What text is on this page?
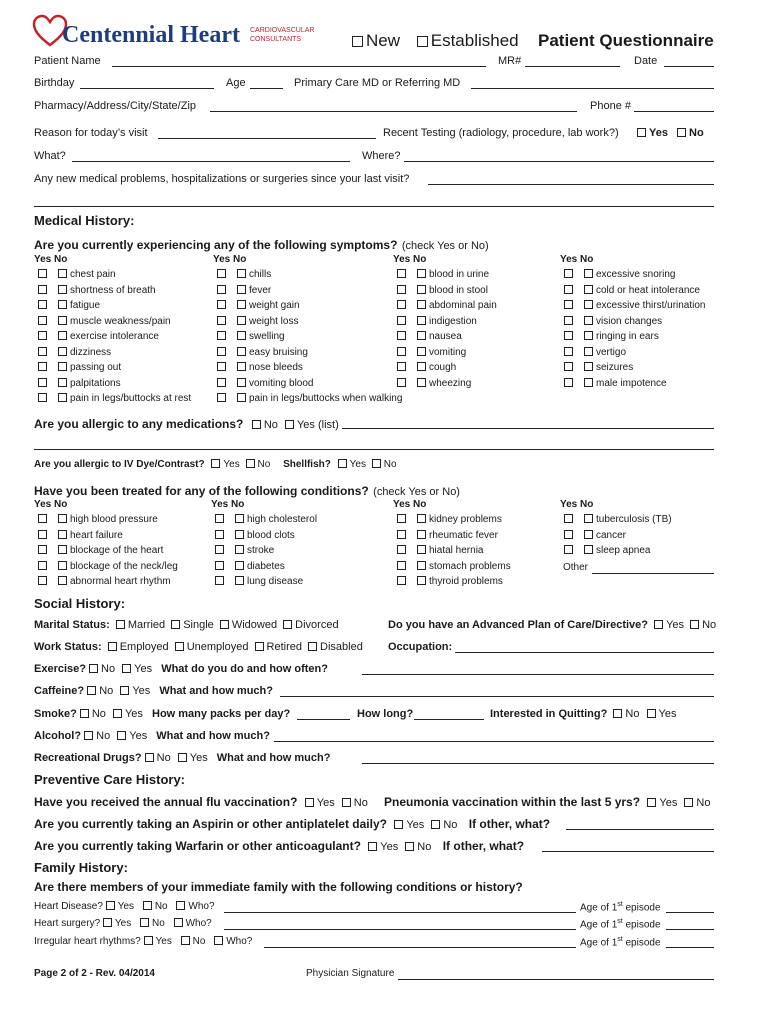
Centennial Heart CARDIOVASCULAR
CONSULTANTS	New Established Patient Questionnaire
Patient Name	MR#	Date
Birthday	Age	Primary Care MD or Referring MD
Pharmacy/Address/City/State/Zip	Phone #
Reason for today’s visit	Recent Testing (radiology, procedure, lab work?)	Yes No
What?	Where?
Any new medical problems, hospitalizations or surgeries since your last visit?
Medical History:
Are you currently experiencing any of the following symptoms? (check Yes or No)
Yes No
chest pain
shortness of breath
fatigue
muscle weakness/pain
exercise intolerance
dizziness
passing out
palpitations
pain in legs/buttocks at rest
Yes No
chills
fever
weight gain
weight loss
swelling
easy bruising
nose bleeds
vomiting blood
pain in legs/buttocks when walking
Yes No
blood in urine
blood in stool
abdominal pain
indigestion
nausea
vomiting
cough
wheezing
Yes No
excessive snoring
cold or heat intolerance
excessive thirst/urination
vision changes
ringing in ears
vertigo
seizures
male impotence
Are you allergic to any medications? No Yes (list)
Are you allergic to IV Dye/Contrast? Yes No Shellfish? Yes No
Have you been treated for any of the following conditions? (check Yes or No)
Yes No
high blood pressure
heart failure
blockage of the heart
blockage of the neck/leg
abnormal heart rhythm
Yes No
high cholesterol
blood clots
stroke
diabetes
lung disease
Yes No
kidney problems
rheumatic fever
hiatal hernia
stomach problems
thyroid problems
Yes No
tuberculosis (TB)
cancer
sleep apnea
Other
Social History:
Marital Status: Married Single Widowed Divorced	Do you have an Advanced Plan of Care/Directive? Yes No
Work Status: Employed Unemployed Retired Disabled Occupation:
Exercise? No Yes What do you do and how often?
Caffeine? No Yes What and how much?
Smoke? No Yes How many packs per day?	How long?	Interested in Quitting? No Yes
Alcohol? No Yes What and how much?
Recreational Drugs? No Yes What and how much?
Preventive Care History:
Have you received the annual flu vaccination? Yes No Pneumonia vaccination within the last 5 yrs? Yes No
Are you currently taking an Aspirin or other antiplatelet daily? Yes No If other, what?
Are you currently taking Warfarin or other anticoagulant? Yes No If other, what?
Family History:
Are there members of your immediate family with the following conditions or history?
Heart Disease? Yes No Who?	Age of 1st episode
Heart surgery? Yes No Who?	Age of 1st episode
Irregular heart rhythms? Yes No Who?	Age of 1st episode
Page 2 of 2 - Rev. 04/2014	Physician Signature
